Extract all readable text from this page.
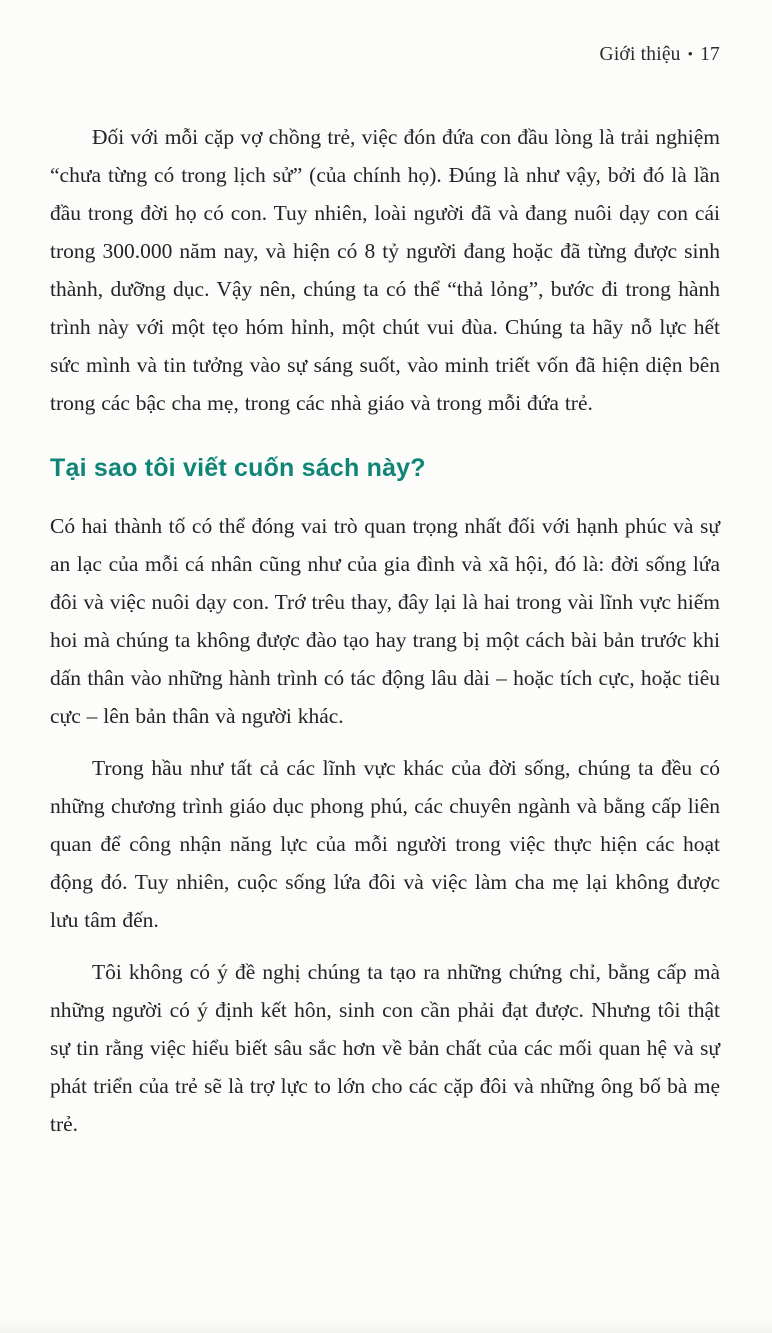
Giới thiệu • 17

Đối với mỗi cặp vợ chồng trẻ, việc đón đứa con đầu lòng là trải nghiệm “chưa từng có trong lịch sử” (của chính họ). Đúng là như vậy, bởi đó là lần đầu trong đời họ có con. Tuy nhiên, loài người đã và đang nuôi dạy con cái trong 300.000 năm nay, và hiện có 8 tỷ người đang hoặc đã từng được sinh thành, dưỡng dục. Vậy nên, chúng ta có thể “thả lỏng”, bước đi trong hành trình này với một tẹo hóm hỉnh, một chút vui đùa. Chúng ta hãy nỗ lực hết sức mình và tin tưởng vào sự sáng suốt, vào minh triết vốn đã hiện diện bên trong các bậc cha mẹ, trong các nhà giáo và trong mỗi đứa trẻ.

Tại sao tôi viết cuốn sách này?

Có hai thành tố có thể đóng vai trò quan trọng nhất đối với hạnh phúc và sự an lạc của mỗi cá nhân cũng như của gia đình và xã hội, đó là: đời sống lứa đôi và việc nuôi dạy con. Trớ trêu thay, đây lại là hai trong vài lĩnh vực hiếm hoi mà chúng ta không được đào tạo hay trang bị một cách bài bản trước khi dấn thân vào những hành trình có tác động lâu dài – hoặc tích cực, hoặc tiêu cực – lên bản thân và người khác.

Trong hầu như tất cả các lĩnh vực khác của đời sống, chúng ta đều có những chương trình giáo dục phong phú, các chuyên ngành và bằng cấp liên quan để công nhận năng lực của mỗi người trong việc thực hiện các hoạt động đó. Tuy nhiên, cuộc sống lứa đôi và việc làm cha mẹ lại không được lưu tâm đến.

Tôi không có ý đề nghị chúng ta tạo ra những chứng chỉ, bằng cấp mà những người có ý định kết hôn, sinh con cần phải đạt được. Nhưng tôi thật sự tin rằng việc hiểu biết sâu sắc hơn về bản chất của các mối quan hệ và sự phát triển của trẻ sẽ là trợ lực to lớn cho các cặp đôi và những ông bố bà mẹ trẻ.
